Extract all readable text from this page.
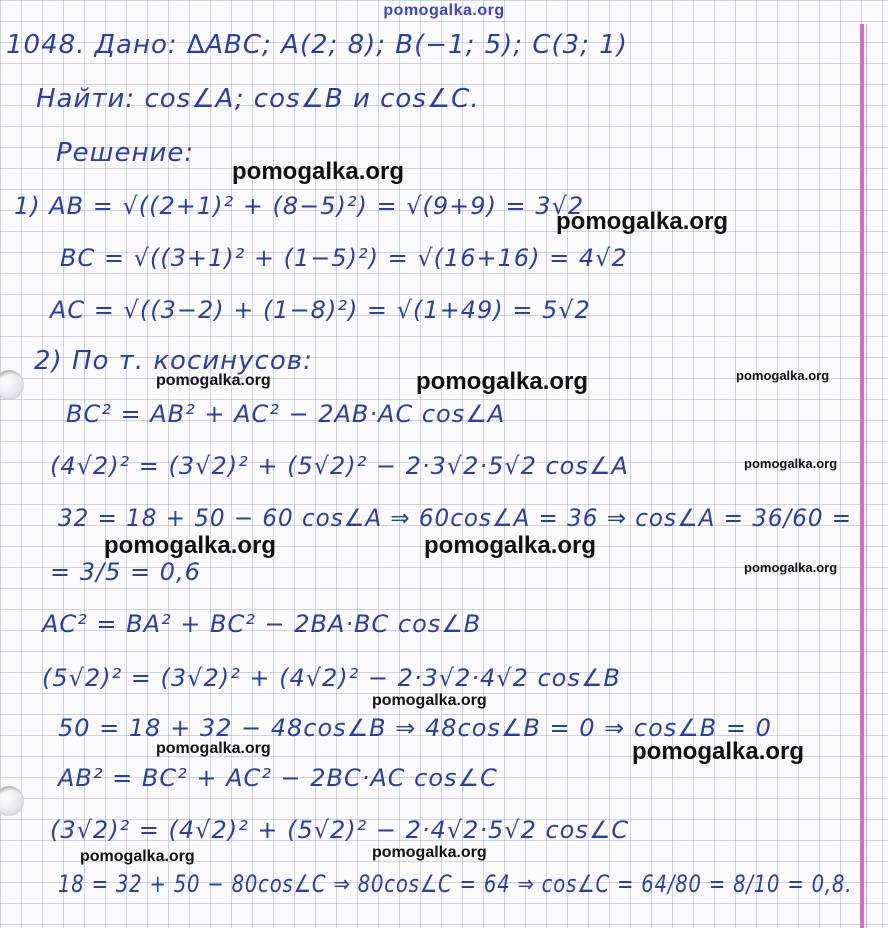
pomogalka.org
1048. Дано: ∆ABC; A(2; 8); B(−1; 5); C(3; 1)
Найти: cos∠A; cos∠B и cos∠C.
Решение:
1) AB = √((2+1)² + (8−5)²) = √(9+9) = 3√2
BC = √((3+1)² + (1−5)²) = √(16+16) = 4√2
AC = √((3−2) + (1−8)²) = √(1+49) = 5√2
2) По т. косинусов:
BC² = AB² + AC² − 2AB·AC cos∠A
(4√2)² = (3√2)² + (5√2)² − 2·3√2·5√2 cos∠A
32 = 18 + 50 − 60 cos∠A ⇒ 60cos∠A = 36 ⇒ cos∠A = 36/60 =
= 3/5 = 0,6
AC² = BA² + BC² − 2BA·BC cos∠B
(5√2)² = (3√2)² + (4√2)² − 2·3√2·4√2 cos∠B
50 = 18 + 32 − 48cos∠B ⇒ 48cos∠B = 0 ⇒ cos∠B = 0
AB² = BC² + AC² − 2BC·AC cos∠C
(3√2)² = (4√2)² + (5√2)² − 2·4√2·5√2 cos∠C
18 = 32 + 50 − 80cos∠C ⇒ 80cos∠C = 64 ⇒ cos∠C = 64/80 = 8/10 = 0,8.
pomogalka.org
pomogalka.org
pomogalka.org	pomogalka.org	pomogalka.org
pomogalka.org
pomogalka.org	pomogalka.org
pomogalka.org
pomogalka.org
pomogalka.org	pomogalka.org
pomogalka.org	pomogalka.org
